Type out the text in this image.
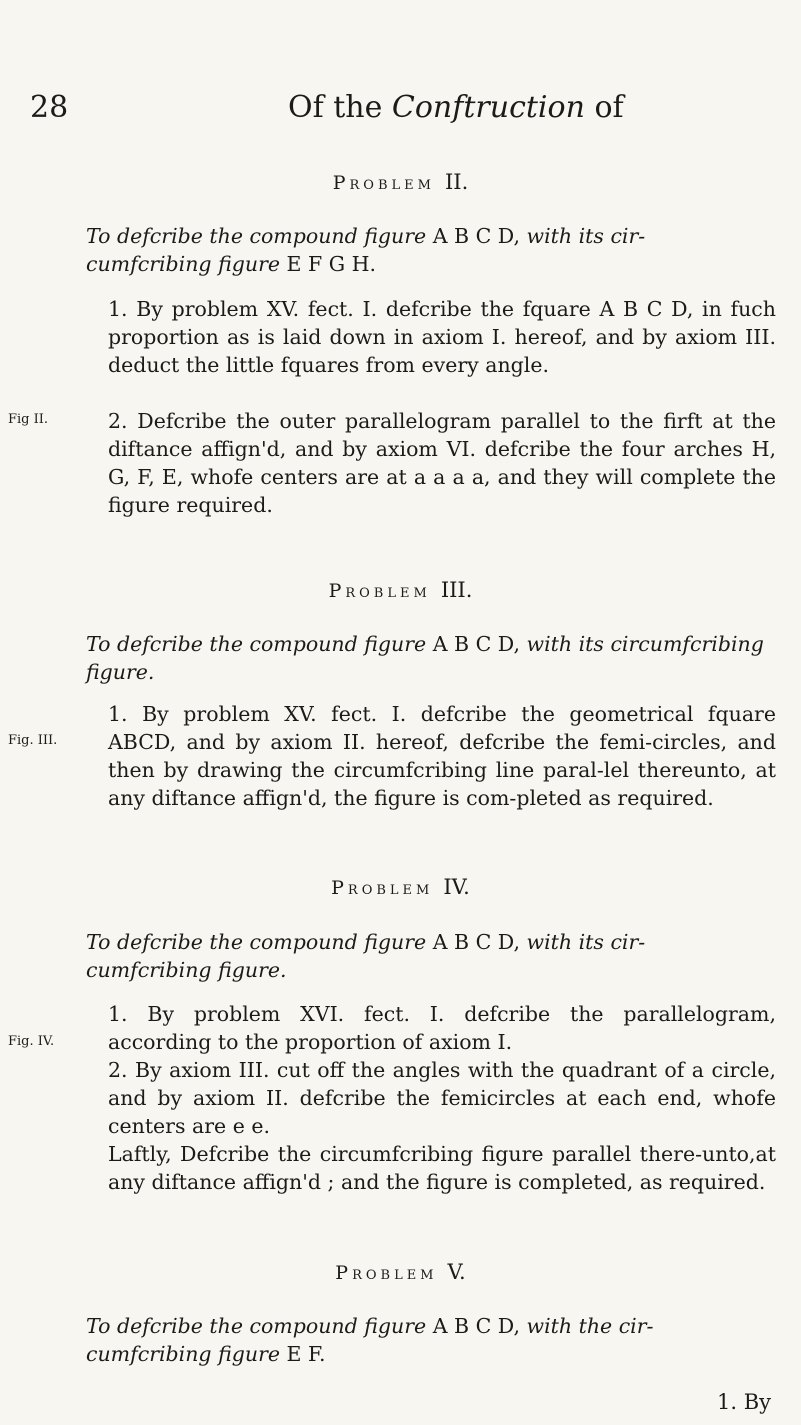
28	Of the Conftruction of
Problem II.
To defcribe the compound figure A B C D, with its cir- cumfcribing figure E F G H.
1. By problem XV. fect. I. defcribe the fquare A B C D, in fuch proportion as is laid down in axiom I. hereof, and by axiom III. deduct the little fquares from every angle.
2. Defcribe the outer parallelogram parallel to the firft at the diftance affign'd, and by axiom VI. defcribe the four arches H, G, F, E, whofe centers are at a a a a, and they will complete the figure required.
Fig II.
Problem III.
To defcribe the compound figure A B C D, with its circumfcribing figure.
1. By problem XV. fect. I. defcribe the geometrical fquare ABCD, and by axiom II. hereof, defcribe the femi-circles, and then by drawing the circumfcribing line paral-lel thereunto, at any diftance affign'd, the figure is com-pleted as required.
Fig. III.
Problem IV.
To defcribe the compound figure A B C D, with its cir- cumfcribing figure.
1. By problem XVI. fect. I. defcribe the parallelogram, according to the proportion of axiom I.
Fig. IV.
2. By axiom III. cut off the angles with the quadrant of a circle, and by axiom II. defcribe the femicircles at each end, whofe centers are e e.
Laftly, Defcribe the circumfcribing figure parallel there-unto,at any diftance affign'd ; and the figure is completed, as required.
Problem V.
To defcribe the compound figure A B C D, with the cir- cumfcribing figure E F.
1. By
